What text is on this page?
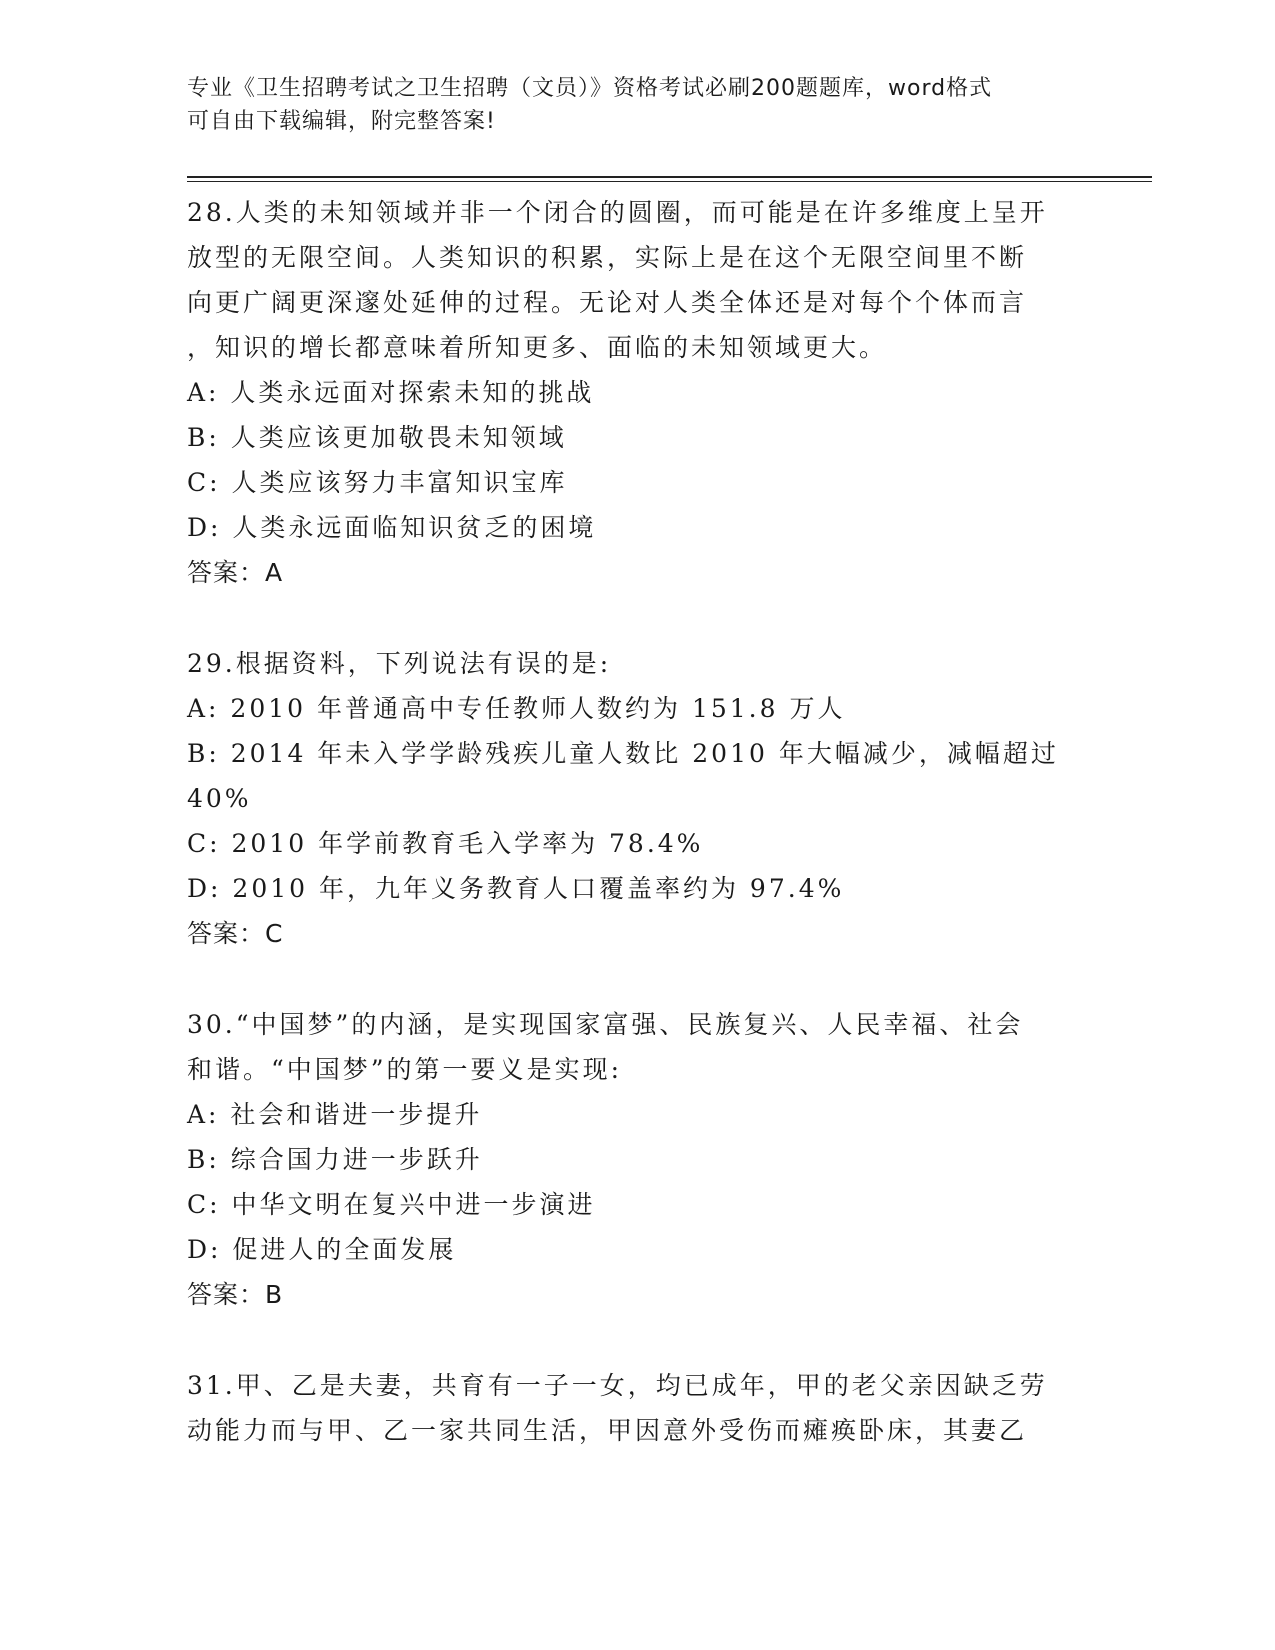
专业《卫生招聘考试之卫生招聘（文员）》资格考试必刷200题题库，word格式
可自由下载编辑，附完整答案!
28.人类的未知领域并非一个闭合的圆圈，而可能是在许多维度上呈开
放型的无限空间。人类知识的积累，实际上是在这个无限空间里不断
向更广阔更深邃处延伸的过程。无论对人类全体还是对每个个体而言
，知识的增长都意味着所知更多、面临的未知领域更大。
A: 人类永远面对探索未知的挑战
B: 人类应该更加敬畏未知领域
C: 人类应该努力丰富知识宝库
D: 人类永远面临知识贫乏的困境
答案：A
29.根据资料，下列说法有误的是:
A: 2010 年普通高中专任教师人数约为 151.8 万人
B: 2014 年未入学学龄残疾儿童人数比 2010 年大幅减少，减幅超过
40%
C: 2010 年学前教育毛入学率为 78.4%
D: 2010 年，九年义务教育人口覆盖率约为 97.4%
答案：C
30.“中国梦”的内涵，是实现国家富强、民族复兴、人民幸福、社会
和谐。“中国梦”的第一要义是实现:
A: 社会和谐进一步提升
B: 综合国力进一步跃升
C: 中华文明在复兴中进一步演进
D: 促进人的全面发展
答案：B
31.甲、乙是夫妻，共育有一子一女，均已成年，甲的老父亲因缺乏劳
动能力而与甲、乙一家共同生活，甲因意外受伤而瘫痪卧床，其妻乙
